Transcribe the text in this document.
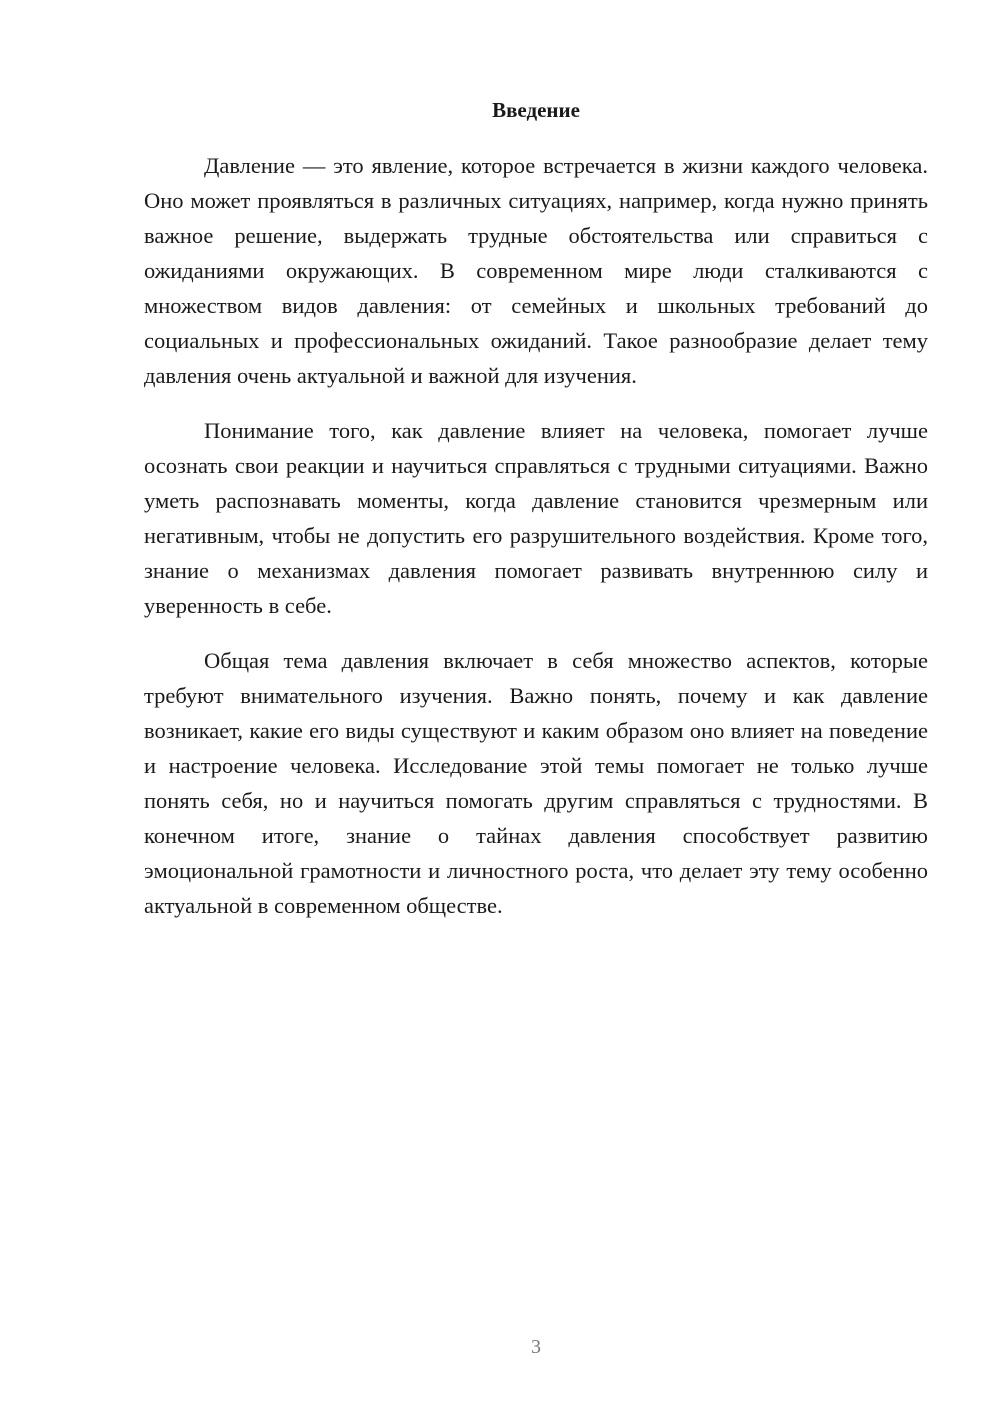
Введение

Давление — это явление, которое встречается в жизни каждого человека. Оно может проявляться в различных ситуациях, например, когда нужно принять важное решение, выдержать трудные обстоятельства или справиться с ожиданиями окружающих. В современном мире люди сталкиваются с множеством видов давления: от семейных и школьных требований до социальных и профессиональных ожиданий. Такое разнообразие делает тему давления очень актуальной и важной для изучения.

Понимание того, как давление влияет на человека, помогает лучше осознать свои реакции и научиться справляться с трудными ситуациями. Важно уметь распознавать моменты, когда давление становится чрезмерным или негативным, чтобы не допустить его разрушительного воздействия. Кроме того, знание о механизмах давления помогает развивать внутреннюю силу и уверенность в себе.

Общая тема давления включает в себя множество аспектов, которые требуют внимательного изучения. Важно понять, почему и как давление возникает, какие его виды существуют и каким образом оно влияет на поведение и настроение человека. Исследование этой темы помогает не только лучше понять себя, но и научиться помогать другим справляться с трудностями. В конечном итоге, знание о тайнах давления способствует развитию эмоциональной грамотности и личностного роста, что делает эту тему особенно актуальной в современном обществе.

3
